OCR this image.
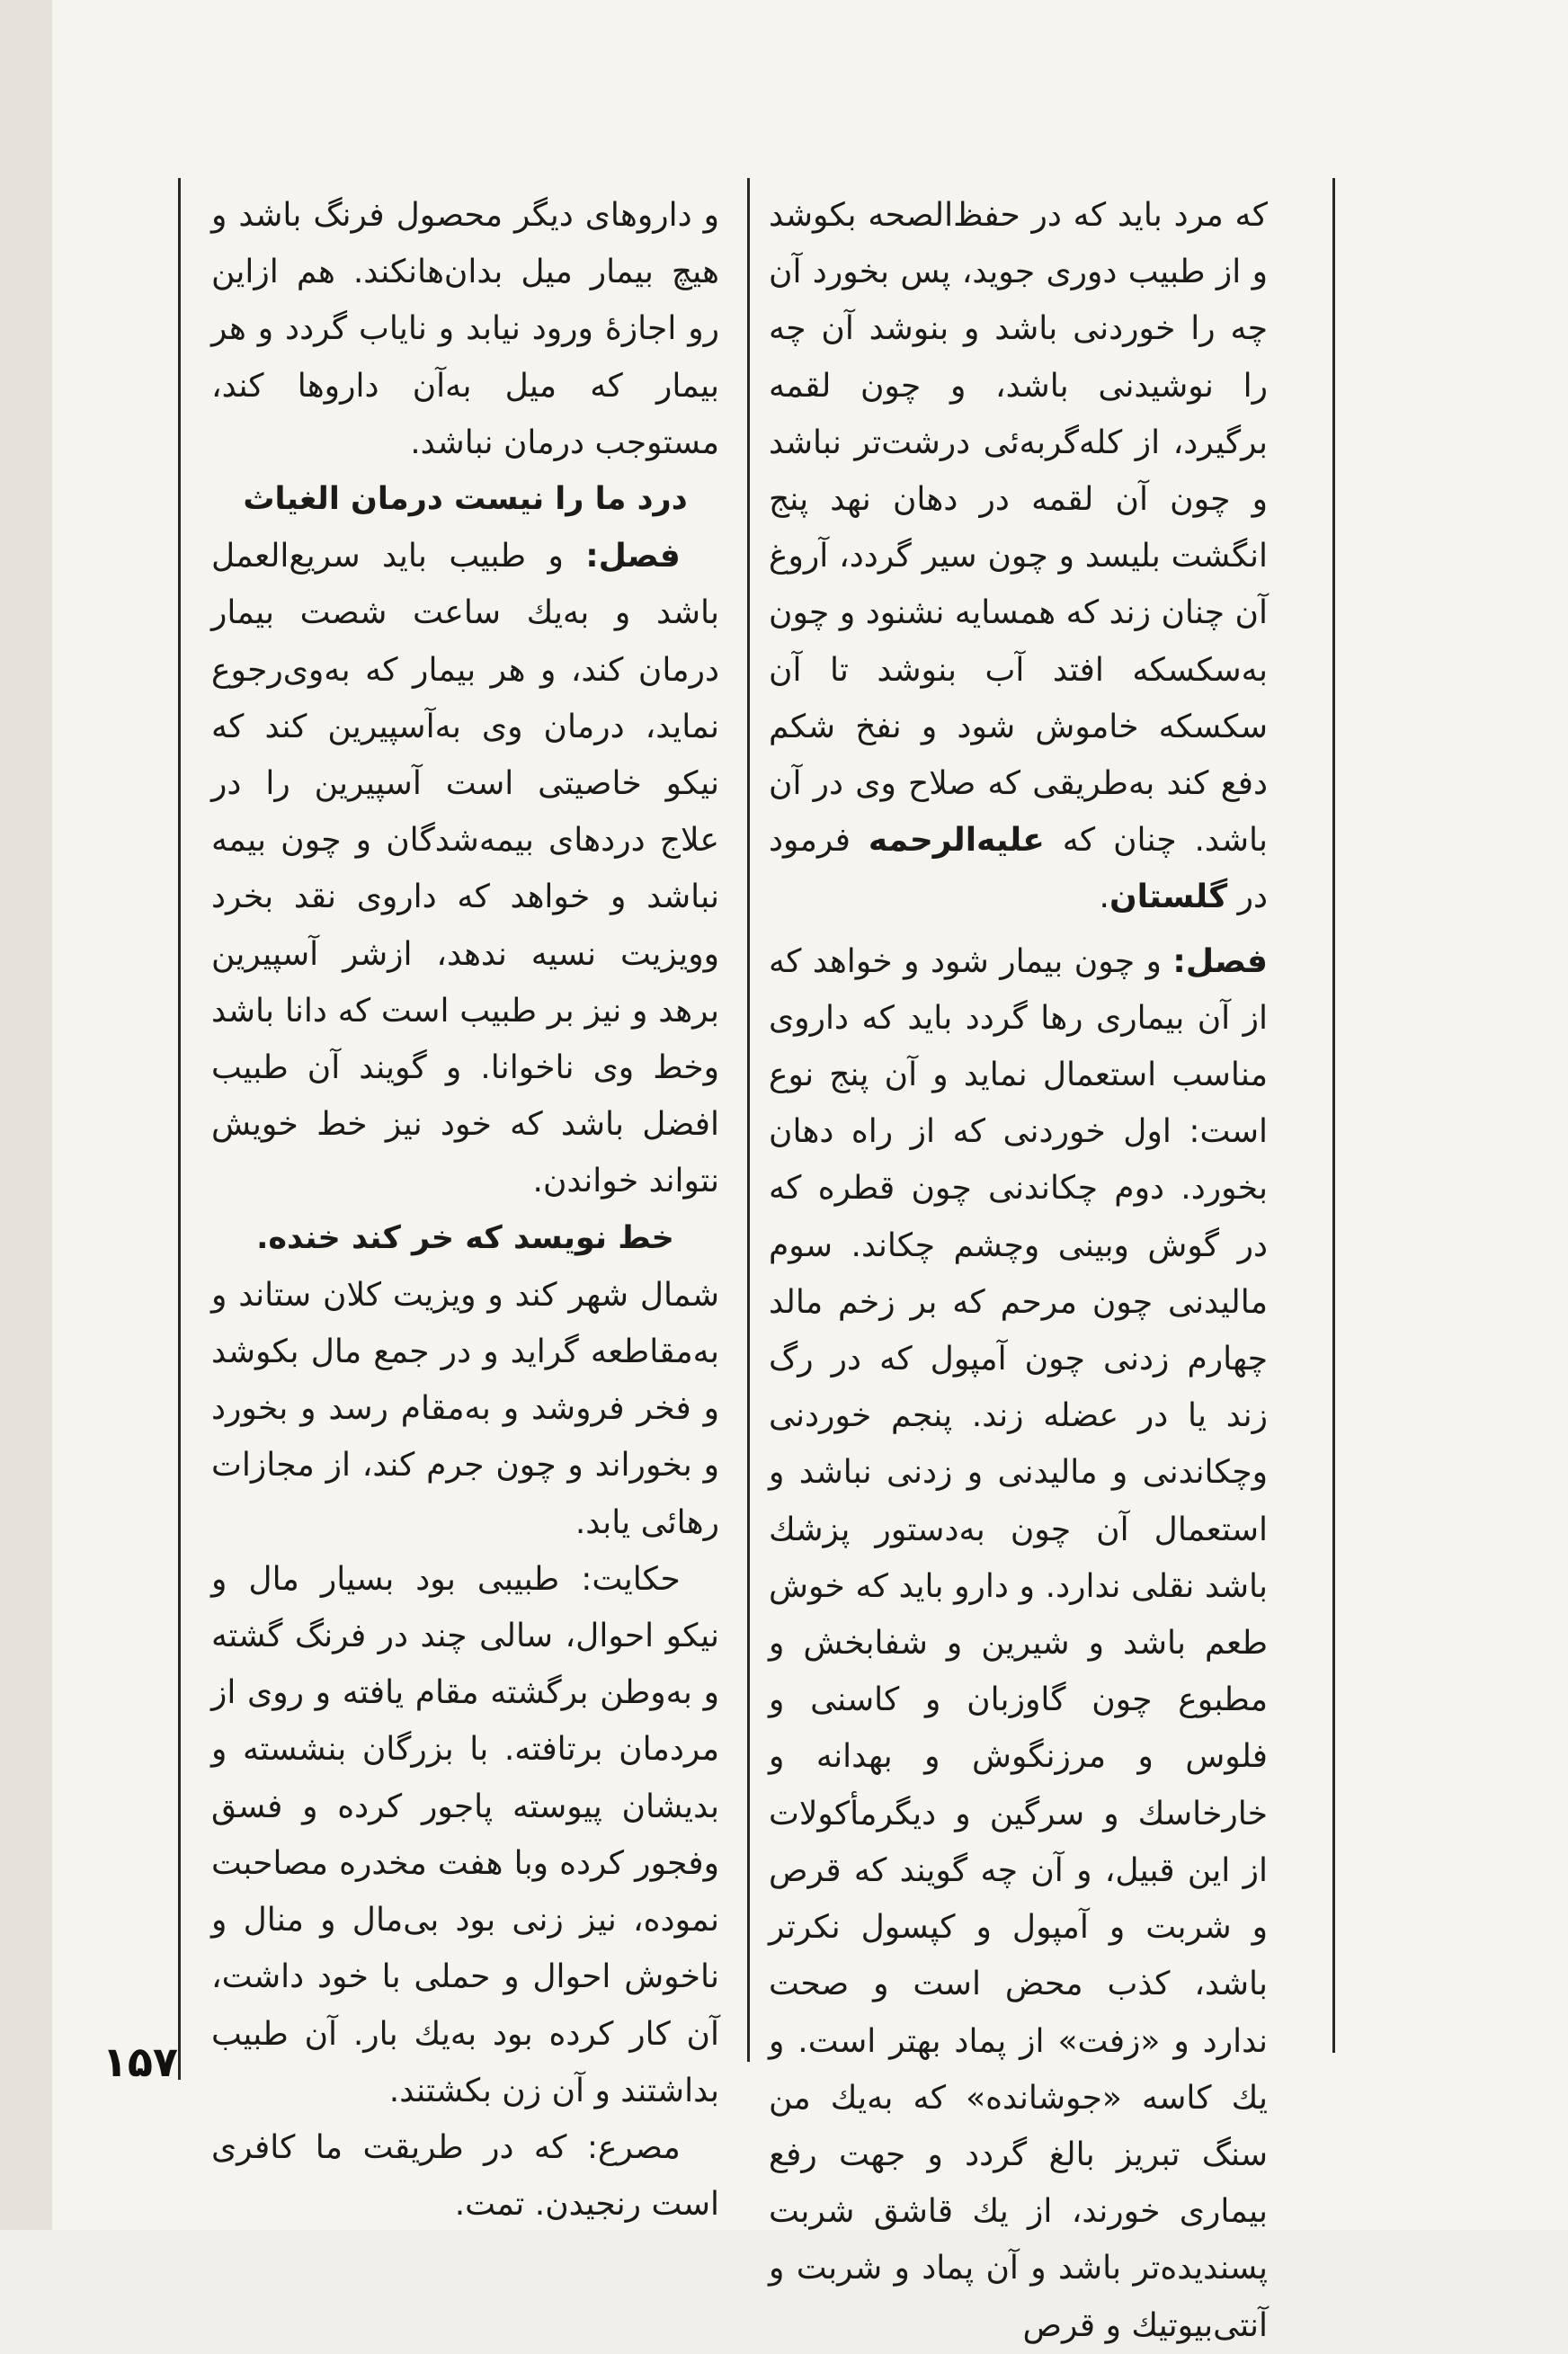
که مرد باید که در حفظ‌الصحه بکوشد و از طبیب دوری جوید، پس بخورد آن چه را خوردنی باشد و بنوشد آن چه را نوشیدنی باشد، و چون لقمه برگیرد، از کله‌گربه‌ئی درشت‌تر نباشد و چون آن لقمه در دهان نهد پنج انگشت بلیسد و چون سیر گردد، آروغ آن چنان زند که همسایه نشنود و چون به‌سکسکه افتد آب بنوشد تا آن سکسکه خاموش شود و نفخ شکم دفع کند به‌طریقی که صلاح وی در آن باشد. چنان که علیه‌الرحمه فرمود در گلستان.

فصل: و چون بیمار شود و خواهد که از آن بیماری رها گردد باید که داروی مناسب استعمال نماید و آن پنج نوع است: اول خوردنی که از راه دهان بخورد. دوم چکاندنی چون قطره که در گوش وبینی وچشم چکاند. سوم مالیدنی چون مرحم که بر زخم مالد چهارم زدنی چون آمپول که در رگ زند یا در عضله زند. پنجم خوردنی وچکاندنی و مالیدنی و زدنی نباشد و استعمال آن چون به‌دستور پزشك باشد نقلی ندارد. و دارو باید که خوش طعم باشد و شیرین و شفابخش و مطبوع چون گاوزبان و کاسنی و فلوس و مرزنگوش و بهدانه و خارخاسك و سرگین و دیگرمأکولات از این قبیل، و آن چه گویند که قرص و شربت و آمپول و کپسول نکرتر باشد، کذب محض است و صحت ندارد و «زفت» از پماد بهتر است. و یك کاسه «جوشانده» که به‌یك من سنگ تبریز بالغ گردد و جهت رفع بیماری خورند، از یك قاشق شربت پسندیده‌تر باشد و آن پماد و شربت و آنتی‌بیوتیك و قرص

و داروهای دیگر محصول فرنگ باشد و هیچ بیمار میل بدان‌هانکند. هم ازاین رو اجازهٔ ورود نیابد و نایاب گردد و هر بیمار که میل به‌آن داروها کند، مستوجب درمان نباشد.

درد ما را نیست درمان الغیاث

فصل: و طبیب باید سریع‌العمل باشد و به‌یك ساعت شصت بیمار درمان کند، و هر بیمار که به‌وی‌رجوع نماید، درمان وی به‌آسپیرین کند که نیکو خاصیتی است آسپیرین را در علاج دردهای بیمه‌شدگان و چون بیمه نباشد و خواهد که داروی نقد بخرد وویزیت نسیه ندهد، ازشر آسپیرین برهد و نیز بر طبیب است که دانا باشد وخط وی ناخوانا. و گویند آن طبیب افضل باشد که خود نیز خط خویش نتواند خواندن.

خط نویسد که خر کند خنده.

شمال شهر کند و ویزیت کلان ستاند و به‌مقاطعه گراید و در جمع مال بکوشد و فخر فروشد و به‌مقام رسد و بخورد و بخوراند و چون جرم کند، از مجازات رهائی یابد.

حکایت: طبیبی بود بسیار مال و نیکو احوال، سالی چند در فرنگ گشته و به‌وطن برگشته مقام یافته و روی از مردمان برتافته. با بزرگان بنشسته و بدیشان پیوسته پاجور کرده و فسق وفجور کرده وبا هفت مخدره مصاحبت نموده، نیز زنی بود بی‌مال و منال و ناخوش احوال و حملی با خود داشت، آن کار کرده بود به‌یك بار. آن طبیب بداشتند و آن زن بکشتند.

مصرع: که در طریقت ما کافری است رنجیدن. تمت.

۱۵۷
